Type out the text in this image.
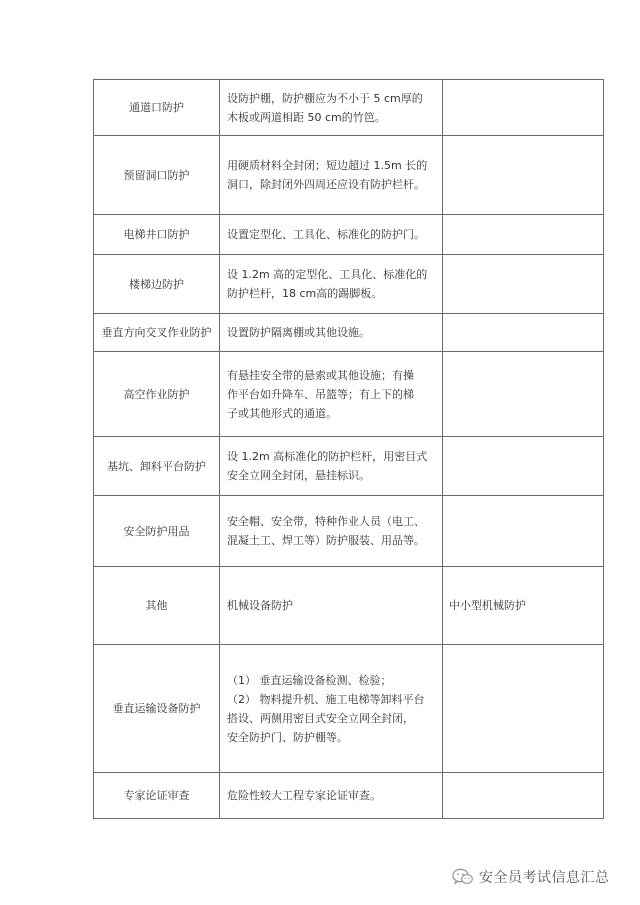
通道口防护	设防护棚，防护棚应为不小于 5 cm厚的
木板或两道相距 50 cm的竹笆。	

预留洞口防护	用硬质材料全封闭；短边超过 1.5m 长的
洞口，除封闭外四周还应设有防护栏杆。	

电梯井口防护	设置定型化、工具化、标准化的防护门。	

楼梯边防护	设 1.2m 高的定型化、工具化、标准化的
防护栏杆，18 cm高的踢脚板。	

垂直方向交叉作业防护	设置防护隔离棚或其他设施。	

高空作业防护	有悬挂安全带的悬索或其他设施；有操
作平台如升降车、吊篮等；有上下的梯
子或其他形式的通道。	

基坑、卸料平台防护	设 1.2m 高标准化的防护栏杆，用密目式
安全立网全封闭，悬挂标识。	

安全防护用品	安全帽、安全带，特种作业人员（电工、
混凝土工、焊工等）防护服装、用品等。	

其他	机械设备防护	中小型机械防护
垂直运输设备防护	（1） 垂直运输设备检测、检验；
（2） 物料提升机、施工电梯等卸料平台
搭设、两侧用密目式安全立网全封闭，
安全防护门、防护棚等。	

专家论证审查	危险性较大工程专家论证审查。	

安全员考试信息汇总
